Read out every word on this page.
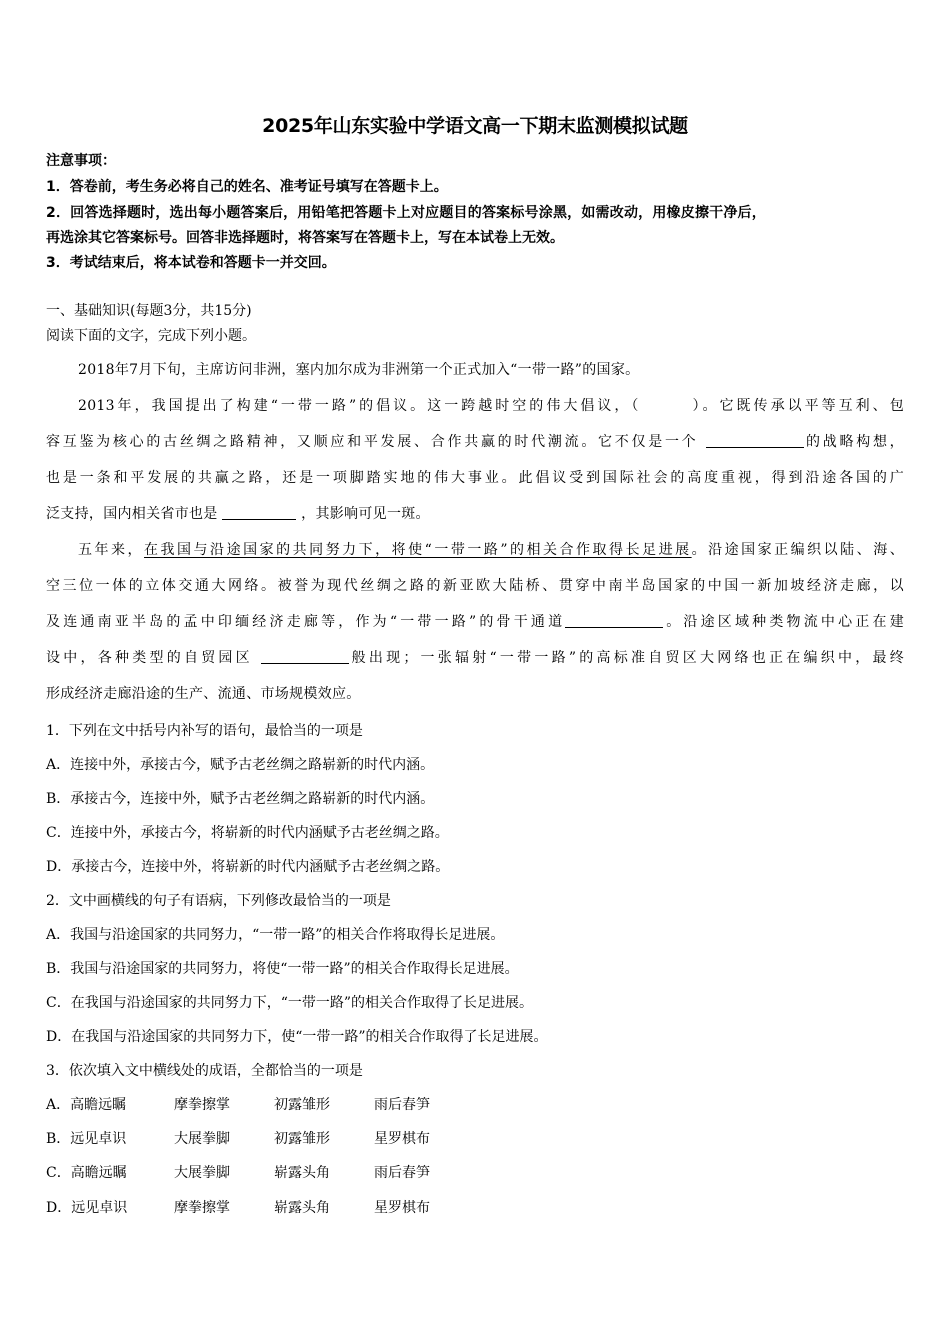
2025年山东实验中学语文高一下期末监测模拟试题
注意事项：
1．答卷前，考生务必将自己的姓名、准考证号填写在答题卡上。
2．回答选择题时，选出每小题答案后，用铅笔把答题卡上对应题目的答案标号涂黑，如需改动，用橡皮擦干净后，
再选涂其它答案标号。回答非选择题时，将答案写在答题卡上，写在本试卷上无效。
3．考试结束后，将本试卷和答题卡一并交回。
一、基础知识(每题3分，共15分)
阅读下面的文字，完成下列小题。
2018年7月下旬，主席访问非洲，塞内加尔成为非洲第一个正式加入“一带一路”的国家。
2013年，我国提出了构建“一带一路”的倡议。这一跨越时空的伟大倡议，（　　　）。它既传承以平等互利、包
容互鉴为核心的古丝绸之路精神，又顺应和平发展、合作共赢的时代潮流。它不仅是一个	的战略构想，
也是一条和平发展的共赢之路，还是一项脚踏实地的伟大事业。此倡议受到国际社会的高度重视，得到沿途各国的广
泛支持，国内相关省市也是	，其影响可见一斑。
五年来，在我国与沿途国家的共同努力下，将使“一带一路”的相关合作取得长足进展。沿途国家正编织以陆、海、
空三位一体的立体交通大网络。被誉为现代丝绸之路的新亚欧大陆桥、贯穿中南半岛国家的中国一新加坡经济走廊，以
及连通南亚半岛的孟中印缅经济走廊等，作为“一带一路”的骨干通道	。沿途区域种类物流中心正在建
设中，各种类型的自贸园区	般出现；一张辐射“一带一路”的高标准自贸区大网络也正在编织中，最终
形成经济走廊沿途的生产、流通、市场规模效应。
1．下列在文中括号内补写的语句，最恰当的一项是
A．连接中外，承接古今，赋予古老丝绸之路崭新的时代内涵。
B．承接古今，连接中外，赋予古老丝绸之路崭新的时代内涵。
C．连接中外，承接古今，将崭新的时代内涵赋予古老丝绸之路。
D．承接古今，连接中外，将崭新的时代内涵赋予古老丝绸之路。
2．文中画横线的句子有语病，下列修改最恰当的一项是
A．我国与沿途国家的共同努力，“一带一路”的相关合作将取得长足进展。
B．我国与沿途国家的共同努力，将使“一带一路”的相关合作取得长足进展。
C．在我国与沿途国家的共同努力下，“一带一路”的相关合作取得了长足进展。
D．在我国与沿途国家的共同努力下，使“一带一路”的相关合作取得了长足进展。
3．依次填入文中横线处的成语，全都恰当的一项是
A．高瞻远瞩	摩拳擦掌	初露雏形	雨后春笋
B．远见卓识	大展拳脚	初露雏形	星罗棋布
C．高瞻远瞩	大展拳脚	崭露头角	雨后春笋
D．远见卓识	摩拳擦掌	崭露头角	星罗棋布
